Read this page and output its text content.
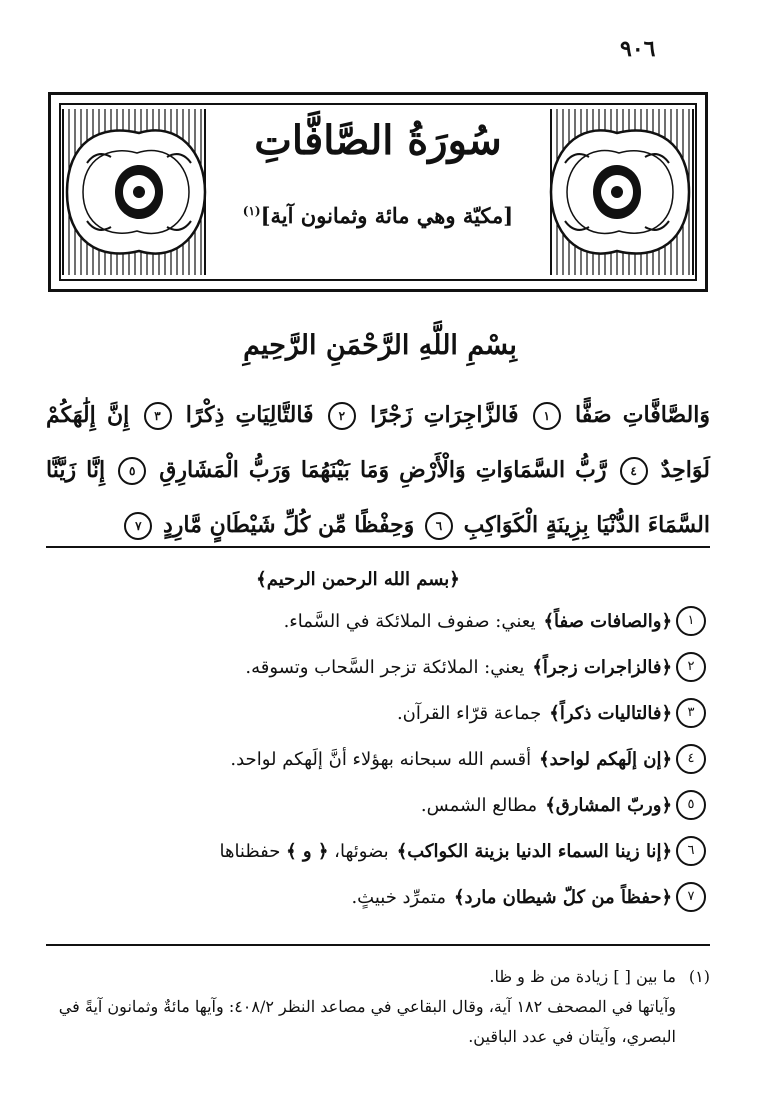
٩٠٦
سُورَةُ الصَّافَّاتِ
[مكيّة وهي مائة وثمانون آية]$^{(١)}$
بِسْمِ اللَّهِ الرَّحْمَنِ الرَّحِيمِ

وَالصَّافَّاتِ صَفًّا ١ فَالزَّاجِرَاتِ زَجْرًا ٢ فَالتَّالِيَاتِ ذِكْرًا ٣ إِنَّ إِلَٰهَكُمْ لَوَاحِدٌ ٤ رَّبُّ السَّمَاوَاتِ وَالْأَرْضِ وَمَا بَيْنَهُمَا وَرَبُّ الْمَشَارِقِ ٥ إِنَّا زَيَّنَّا السَّمَاءَ الدُّنْيَا بِزِينَةٍ الْكَوَاكِبِ ٦ وَحِفْظًا مِّن كُلِّ شَيْطَانٍ مَّارِدٍ ٧

﴿بسم الله الرحمن الرحيم﴾
١
﴿والصافات صفاً﴾
يعني: صفوف الملائكة في السَّماء.
٢
﴿فالزاجرات زجراً﴾
يعني: الملائكة تزجر السَّحاب وتسوقه.
٣
﴿فالتاليات ذكراً﴾
جماعة قرّاء القرآن.
٤
﴿إن إلَهكم لواحد﴾
أقسم الله سبحانه بهؤلاء أنَّ إلَهكم لواحد.
٥
﴿وربّ المشارق﴾
مطالع الشمس.
٦
﴿إنا زينا السماء الدنيا بزينة الكواكب﴾
بضوئها،

﴿ و ﴾

حفظناها
٧
﴿حفظاً من كلّ شيطان مارد﴾
متمرِّد خبيثٍ.
(١)
ما بين [ ] زيادة من ظ و ظا.
وآياتها في المصحف ١٨٢ آية، وقال البقاعي في مصاعد النظر ٤٠٨/٢: وآيها مائةٌ وثمانون آيةً في البصري، وآيتان في عدد الباقين.
